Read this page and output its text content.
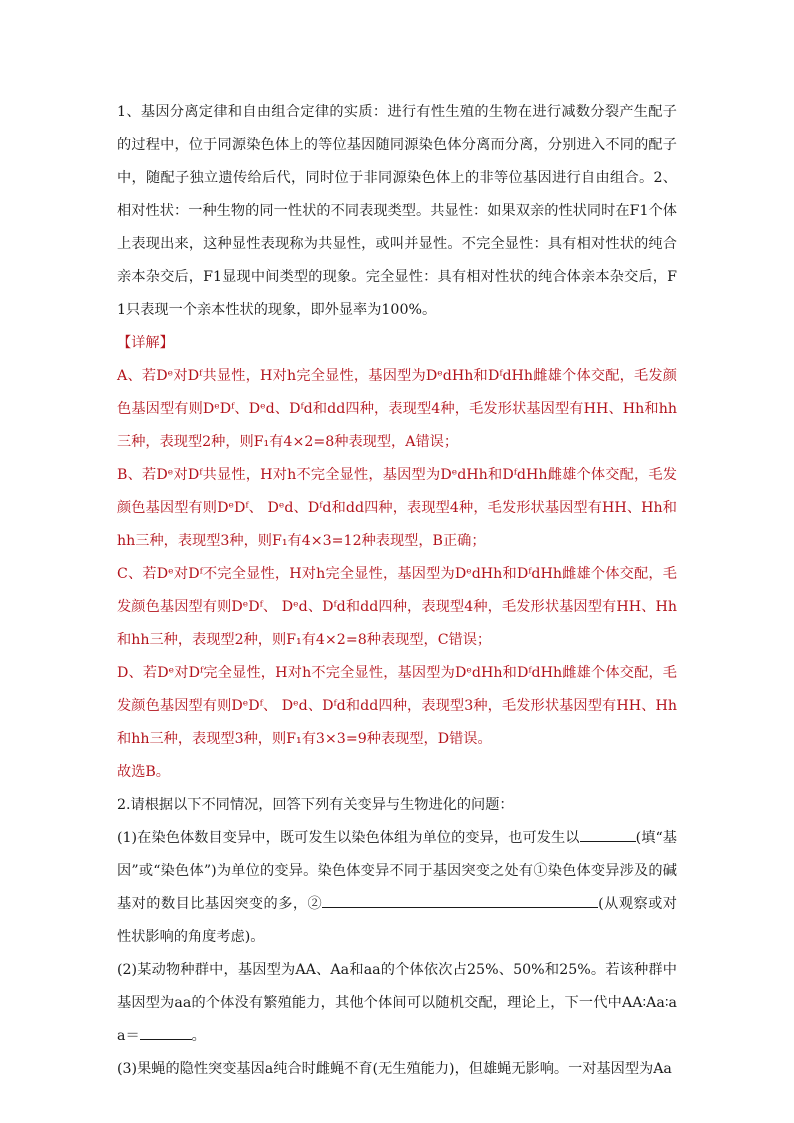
1、基因分离定律和自由组合定律的实质：进行有性生殖的生物在进行减数分裂产生配子的过程中，位于同源染色体上的等位基因随同源染色体分离而分离，分别进入不同的配子中，随配子独立遗传给后代，同时位于非同源染色体上的非等位基因进行自由组合。2、相对性状：一种生物的同一性状的不同表现类型。共显性：如果双亲的性状同时在F1个体上表现出来，这种显性表现称为共显性，或叫并显性。不完全显性：具有相对性状的纯合亲本杂交后，F1显现中间类型的现象。完全显性：具有相对性状的纯合体亲本杂交后，F1只表现一个亲本性状的现象，即外显率为100%。

【详解】

A、若Dᵉ对Dᶠ共显性，H对h完全显性，基因型为DᵉdHh和DᶠdHh雌雄个体交配，毛发颜色基因型有则DᵉDᶠ、Dᵉd、Dᶠd和dd四种，表现型4种，毛发形状基因型有HH、Hh和hh三种，表现型2种，则F₁有4×2=8种表现型，A错误；

B、若Dᵉ对Dᶠ共显性，H对h不完全显性，基因型为DᵉdHh和DᶠdHh雌雄个体交配，毛发颜色基因型有则DᵉDᶠ、 Dᵉd、Dᶠd和dd四种，表现型4种，毛发形状基因型有HH、Hh和hh三种，表现型3种，则F₁有4×3=12种表现型，B正确；

C、若Dᵉ对Dᶠ不完全显性，H对h完全显性，基因型为DᵉdHh和DᶠdHh雌雄个体交配，毛发颜色基因型有则DᵉDᶠ、 Dᵉd、Dᶠd和dd四种，表现型4种，毛发形状基因型有HH、Hh和hh三种，表现型2种，则F₁有4×2=8种表现型，C错误；

D、若Dᵉ对Dᶠ完全显性，H对h不完全显性，基因型为DᵉdHh和DᶠdHh雌雄个体交配，毛发颜色基因型有则DᵉDᶠ、 Dᵉd、Dᶠd和dd四种，表现型3种，毛发形状基因型有HH、Hh和hh三种，表现型3种，则F₁有3×3=9种表现型，D错误。

故选B。

2.请根据以下不同情况，回答下列有关变异与生物进化的问题：

(1)在染色体数目变异中，既可发生以染色体组为单位的变异，也可发生以	(填“基因”或“染色体”)为单位的变异。染色体变异不同于基因突变之处有①染色体变异涉及的碱基对的数目比基因突变的多，②	(从观察或对性状影响的角度考虑)。

(2)某动物种群中，基因型为AA、Aa和aa的个体依次占25%、50%和25%。若该种群中基因型为aa的个体没有繁殖能力，其他个体间可以随机交配，理论上，下一代中AA∶Aa∶aa＝	。

(3)果蝇的隐性突变基因a纯合时雌蝇不育(无生殖能力)，但雄蝇无影响。一对基因型为Aa
